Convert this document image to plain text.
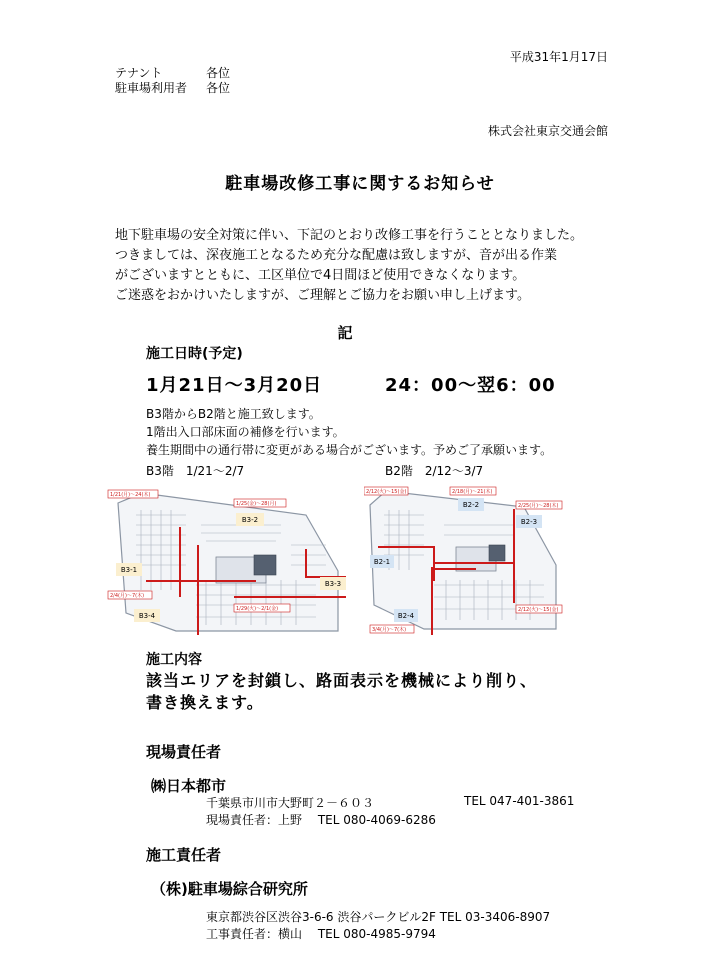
平成31年1月17日
テナント	各位
駐車場利用者 各位
株式会社東京交通会館
駐車場改修工事に関するお知らせ
地下駐車場の安全対策に伴い、下記のとおり改修工事を行うこととなりました。
つきましては、深夜施工となるため充分な配慮は致しますが、音が出る作業
がございますとともに、工区単位で4日間ほど使用できなくなります。
ご迷惑をおかけいたしますが、ご理解とご協力をお願い申し上げます。
記
施工日時(予定)
1月21日～3月20日	24：00～翌6：00
B3階からB2階と施工致します。
1階出入口部床面の補修を行います。
養生期間中の通行帯に変更がある場合がございます。予めご了承願います。
B3階　1/21～2/7	B2階　2/12～3/7
B3-2
B3-1
B3-3
B3-4
1/21(月)～24(木)
1/25(金)～28(月)
2/4(月)～7(木)
1/29(火)～2/1(金)
B2-2
B2-3
B2-1
B2-4
2/12(火)～15(金)	2/18(月)～21(木)
2/25(月)～28(木)
2/12(火)～15(金)
3/4(月)～7(木)
施工内容
該当エリアを封鎖し、路面表示を機械により削り、
書き換えます。
現場責任者
㈱日本都市
千葉県市川市大野町２－６０３	TEL 047-401-3861
現場責任者：上野　 TEL 080-4069-6286
施工責任者
（株)駐車場綜合研究所
東京都渋谷区渋谷3-6-6 渋谷パークビル2F TEL 03-3406-8907
工事責任者：横山　 TEL 080-4985-9794
